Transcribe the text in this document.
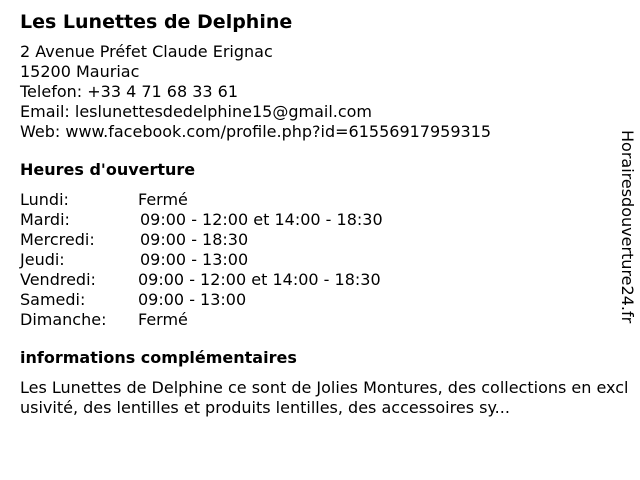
Les Lunettes de Delphine
2 Avenue Préfet Claude Erignac
15200 Mauriac
Telefon: +33 4 71 68 33 61
Email: leslunettesdedelphine15@gmail.com
Web: www.facebook.com/profile.php?id=61556917959315
Heures d'ouverture
Lundi:	Fermé
Mardi:	09:00 - 12:00 et 14:00 - 18:30
Mercredi:	09:00 - 18:30
Jeudi:	09:00 - 13:00
Vendredi:	09:00 - 12:00 et 14:00 - 18:30
Samedi:	09:00 - 13:00
Dimanche:	Fermé
informations complémentaires
Les Lunettes de Delphine ce sont de Jolies Montures, des collections en exclusivité, des lentilles et produits lentilles, des accessoires sy...
Horairesdouverture24.fr
